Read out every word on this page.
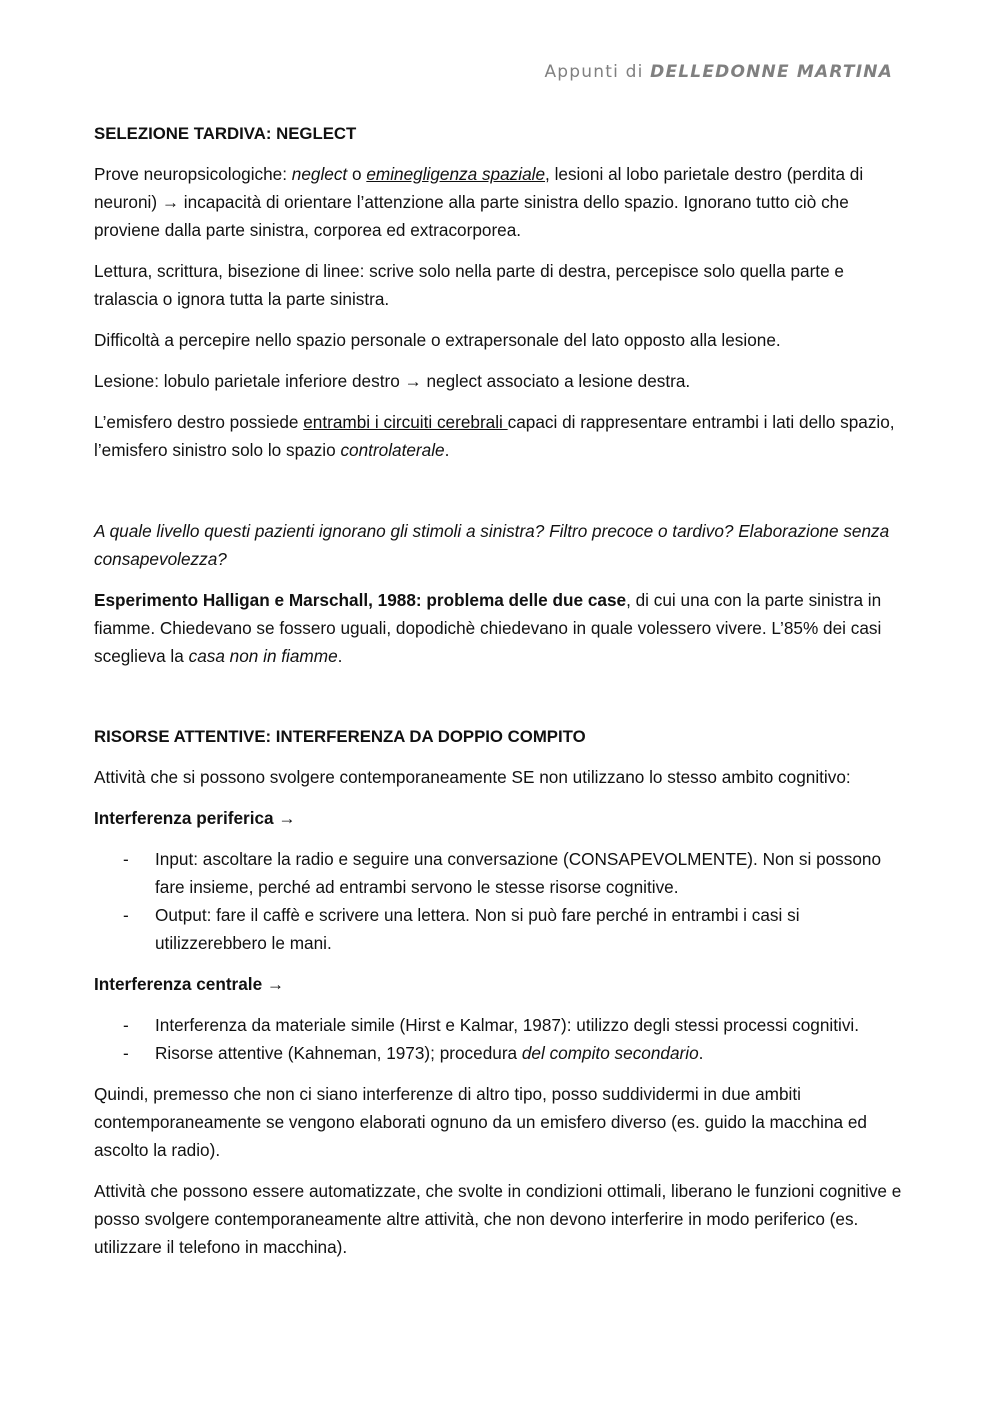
Appunti di DELLEDONNE MARTINA
SELEZIONE TARDIVA: NEGLECT

Prove neuropsicologiche: neglect o eminegligenza spaziale, lesioni al lobo parietale destro (perdita di neuroni) → incapacità di orientare l’attenzione alla parte sinistra dello spazio. Ignorano tutto ciò che proviene dalla parte sinistra, corporea ed extracorporea.

Lettura, scrittura, bisezione di linee: scrive solo nella parte di destra, percepisce solo quella parte e tralascia o ignora tutta la parte sinistra.

Difficoltà a percepire nello spazio personale o extrapersonale del lato opposto alla lesione.

Lesione: lobulo parietale inferiore destro → neglect associato a lesione destra.

L’emisfero destro possiede entrambi i circuiti cerebrali capaci di rappresentare entrambi i lati dello spazio, l’emisfero sinistro solo lo spazio controlaterale.

A quale livello questi pazienti ignorano gli stimoli a sinistra? Filtro precoce o tardivo? Elaborazione senza consapevolezza?

Esperimento Halligan e Marschall, 1988: problema delle due case, di cui una con la parte sinistra in fiamme. Chiedevano se fossero uguali, dopodichè chiedevano in quale volessero vivere. L’85% dei casi sceglieva la casa non in fiamme.

RISORSE ATTENTIVE: INTERFERENZA DA DOPPIO COMPITO

Attività che si possono svolgere contemporaneamente SE non utilizzano lo stesso ambito cognitivo:

Interferenza periferica →

- Input: ascoltare la radio e seguire una conversazione (CONSAPEVOLMENTE). Non si possono fare insieme, perché ad entrambi servono le stesse risorse cognitive.
- Output: fare il caffè e scrivere una lettera. Non si può fare perché in entrambi i casi si utilizzerebbero le mani.

Interferenza centrale →

- Interferenza da materiale simile (Hirst e Kalmar, 1987): utilizzo degli stessi processi cognitivi.
- Risorse attentive (Kahneman, 1973); procedura del compito secondario.

Quindi, premesso che non ci siano interferenze di altro tipo, posso suddividermi in due ambiti contemporaneamente se vengono elaborati ognuno da un emisfero diverso (es. guido la macchina ed ascolto la radio).

Attività che possono essere automatizzate, che svolte in condizioni ottimali, liberano le funzioni cognitive e posso svolgere contemporaneamente altre attività, che non devono interferire in modo periferico (es. utilizzare il telefono in macchina).
